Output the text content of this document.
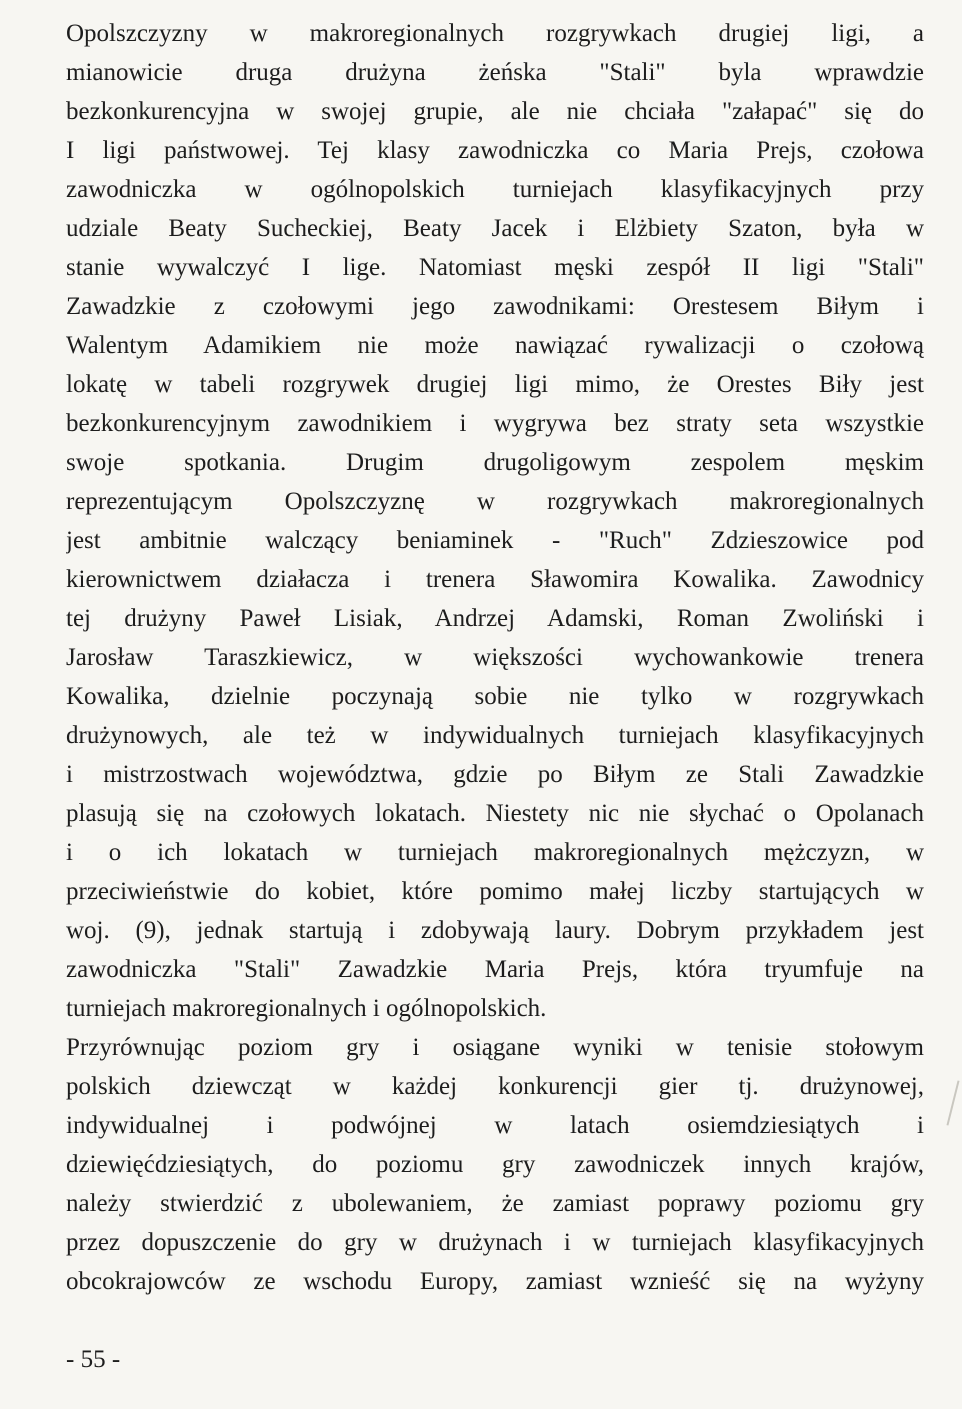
Opolszczyzny w makroregionalnych rozgrywkach drugiej ligi, a
mianowicie druga drużyna żeńska "Stali" byla wprawdzie
bezkonkurencyjna w swojej grupie, ale nie chciała "załapać" się do
I ligi państwowej. Tej klasy zawodniczka co Maria Prejs, czołowa
zawodniczka w ogólnopolskich turniejach klasyfikacyjnych przy
udziale Beaty Sucheckiej, Beaty Jacek i Elżbiety Szaton, była w
stanie wywalczyć I lige. Natomiast męski zespół II ligi "Stali"
Zawadzkie z czołowymi jego zawodnikami: Orestesem Biłym i
Walentym Adamikiem nie może nawiązać rywalizacji o czołową
lokatę w tabeli rozgrywek drugiej ligi mimo, że Orestes Biły jest
bezkonkurencyjnym zawodnikiem i wygrywa bez straty seta wszystkie
swoje spotkania. Drugim drugoligowym zespolem męskim
reprezentującym Opolszczyznę w rozgrywkach makroregionalnych
jest ambitnie walczący beniaminek - "Ruch" Zdzieszowice pod
kierownictwem działacza i trenera Sławomira Kowalika. Zawodnicy
tej drużyny Paweł Lisiak, Andrzej Adamski, Roman Zwoliński i
Jarosław Taraszkiewicz, w większości wychowankowie trenera
Kowalika, dzielnie poczynają sobie nie tylko w rozgrywkach
drużynowych, ale też w indywidualnych turniejach klasyfikacyjnych
i mistrzostwach województwa, gdzie po Biłym ze Stali Zawadzkie
plasują się na czołowych lokatach. Niestety nic nie słychać o Opolanach
i o ich lokatach w turniejach makroregionalnych mężczyzn, w
przeciwieństwie do kobiet, które pomimo małej liczby startujących w
woj. (9), jednak startują i zdobywają laury. Dobrym przykładem jest
zawodniczka "Stali" Zawadzkie Maria Prejs, która tryumfuje na
turniejach makroregionalnych i ogólnopolskich.
Przyrównując poziom gry i osiągane wyniki w tenisie stołowym
polskich dziewcząt w każdej konkurencji gier tj. drużynowej,
indywidualnej i podwójnej w latach osiemdziesiątych i
dziewięćdziesiątych, do poziomu gry zawodniczek innych krajów,
należy stwierdzić z ubolewaniem, że zamiast poprawy poziomu gry
przez dopuszczenie do gry w drużynach i w turniejach klasyfikacyjnych
obcokrajowców ze wschodu Europy, zamiast wznieść się na wyżyny
- 55 -
